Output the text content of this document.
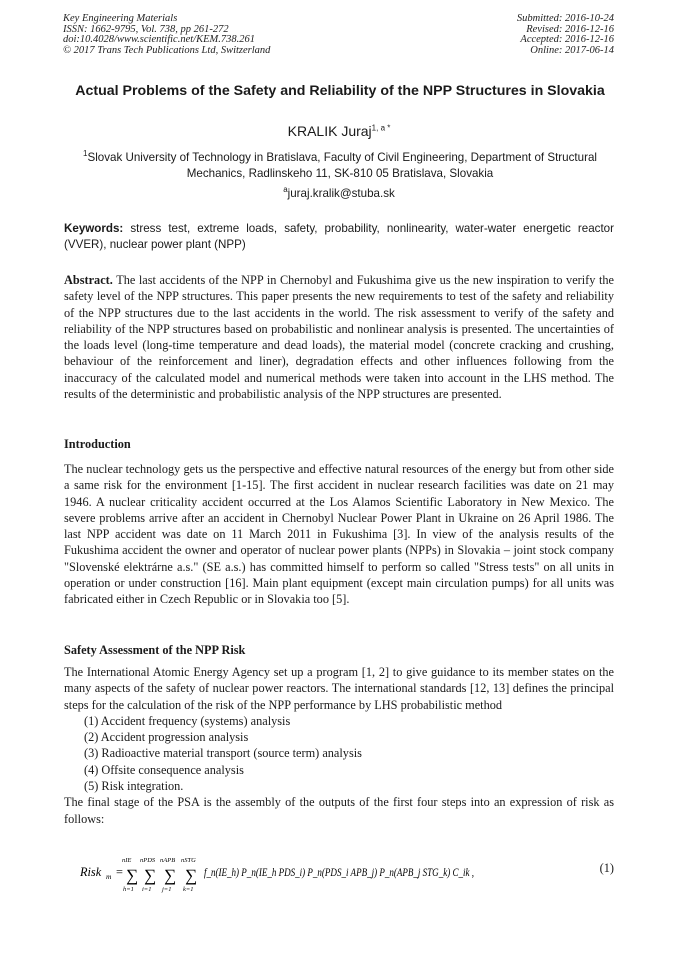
Key Engineering Materials
ISSN: 1662-9795, Vol. 738, pp 261-272
doi:10.4028/www.scientific.net/KEM.738.261
© 2017 Trans Tech Publications Ltd, Switzerland
Submitted: 2016-10-24
Revised: 2016-12-16
Accepted: 2016-12-16
Online: 2017-06-14
Actual Problems of the Safety and Reliability of the NPP Structures in Slovakia
KRALIK Juraj$^{1, a *}$
$^1$Slovak University of Technology in Bratislava, Faculty of Civil Engineering, Department of Structural Mechanics, Radlinskeho 11, SK-810 05 Bratislava, Slovakia
$^a$juraj.kralik@stuba.sk
Keywords: stress test, extreme loads, safety, probability, nonlinearity, water-water energetic reactor (VVER), nuclear power plant (NPP)
Abstract. The last accidents of the NPP in Chernobyl and Fukushima give us the new inspiration to verify the safety level of the NPP structures. This paper presents the new requirements to test of the safety and reliability of the NPP structures due to the last accidents in the world. The risk assessment to verify of the safety and reliability of the NPP structures based on probabilistic and nonlinear analysis is presented. The uncertainties of the loads level (long-time temperature and dead loads), the material model (concrete cracking and crushing, behaviour of the reinforcement and liner), degradation effects and other influences following from the inaccuracy of the calculated model and numerical methods were taken into account in the LHS method. The results of the deterministic and probabilistic analysis of the NPP structures are presented.
Introduction
The nuclear technology gets us the perspective and effective natural resources of the energy but from other side a same risk for the environment [1-15]. The first accident in nuclear research facilities was date on 21 may 1946. A nuclear criticality accident occurred at the Los Alamos Scientific Laboratory in New Mexico. The severe problems arrive after an accident in Chernobyl Nuclear Power Plant in Ukraine on 26 April 1986. The last NPP accident was date on 11 March 2011 in Fukushima [3]. In view of the analysis results of the Fukushima accident the owner and operator of nuclear power plants (NPPs) in Slovakia – joint stock company "Slovenské elektrárne a.s." (SE a.s.) has committed himself to perform so called "Stress tests" on all units in operation or under construction [16]. Main plant equipment (except main circulation pumps) for all units was fabricated either in Czech Republic or in Slovakia too [5].
Safety Assessment of the NPP Risk
The International Atomic Energy Agency set up a program [1, 2] to give guidance to its member states on the many aspects of the safety of nuclear power reactors. The international standards [12, 13] defines the principal steps for the calculation of the risk of the NPP performance by LHS probabilistic method
(1) Accident frequency (systems) analysis
(2) Accident progression analysis
(3) Radioactive material transport (source term) analysis
(4) Offsite consequence analysis
(5) Risk integration.
The final stage of the PSA is the assembly of the outputs of the first four steps into an expression of risk as follows:
Risk m =
nIE
∑
h=1
nPDS
∑
i=1
nAPB
∑
j=1
nSTG
∑
k=1
f_n(IE_h) P_n(IE_h PDS_i) P_n(PDS_i APB_j) P_n(APB_j STG_k) C_ik ,	(1)
